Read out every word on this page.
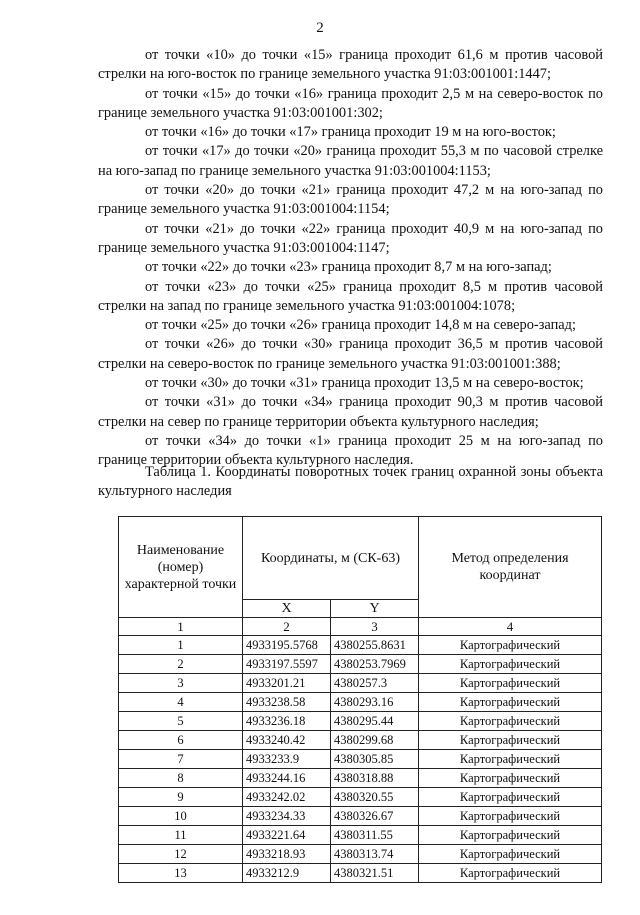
2

от точки «10» до точки «15» граница проходит 61,6 м против часовой стрелки на юго-восток по границе земельного участка 91:03:001001:1447;

от точки «15» до точки «16» граница проходит 2,5 м на северо-восток по границе земельного участка 91:03:001001:302;

от точки «16» до точки «17» граница проходит 19 м на юго-восток;

от точки «17» до точки «20» граница проходит 55,3 м по часовой стрелке на юго-запад по границе земельного участка 91:03:001004:1153;

от точки «20» до точки «21» граница проходит 47,2 м на юго-запад по границе земельного участка 91:03:001004:1154;

от точки «21» до точки «22» граница проходит 40,9 м на юго-запад по границе земельного участка 91:03:001004:1147;

от точки «22» до точки «23» граница проходит 8,7 м на юго-запад;

от точки «23» до точки «25» граница проходит 8,5 м против часовой стрелки на запад по границе земельного участка 91:03:001004:1078;

от точки «25» до точки «26» граница проходит 14,8 м на северо-запад;

от точки «26» до точки «30» граница проходит 36,5 м против часовой стрелки на северо-восток по границе земельного участка 91:03:001001:388;

от точки «30» до точки «31» граница проходит 13,5 м на северо-восток;

от точки «31» до точки «34» граница проходит 90,3 м против часовой стрелки на север по границе территории объекта культурного наследия;

от точки «34» до точки «1» граница проходит 25 м на юго-запад по границе территории объекта культурного наследия.

Таблица 1. Координаты поворотных точек границ охранной зоны объекта культурного наследия

Наименование (номер) характерной точки	Координаты, м (СК-63)		Метод определения координат
	X	Y	
1	2	3	4
1	4933195.5768	4380255.8631	Картографический
2	4933197.5597	4380253.7969	Картографический
3	4933201.21	4380257.3	Картографический
4	4933238.58	4380293.16	Картографический
5	4933236.18	4380295.44	Картографический
6	4933240.42	4380299.68	Картографический
7	4933233.9	4380305.85	Картографический
8	4933244.16	4380318.88	Картографический
9	4933242.02	4380320.55	Картографический
10	4933234.33	4380326.67	Картографический
11	4933221.64	4380311.55	Картографический
12	4933218.93	4380313.74	Картографический
13	4933212.9	4380321.51	Картографический
